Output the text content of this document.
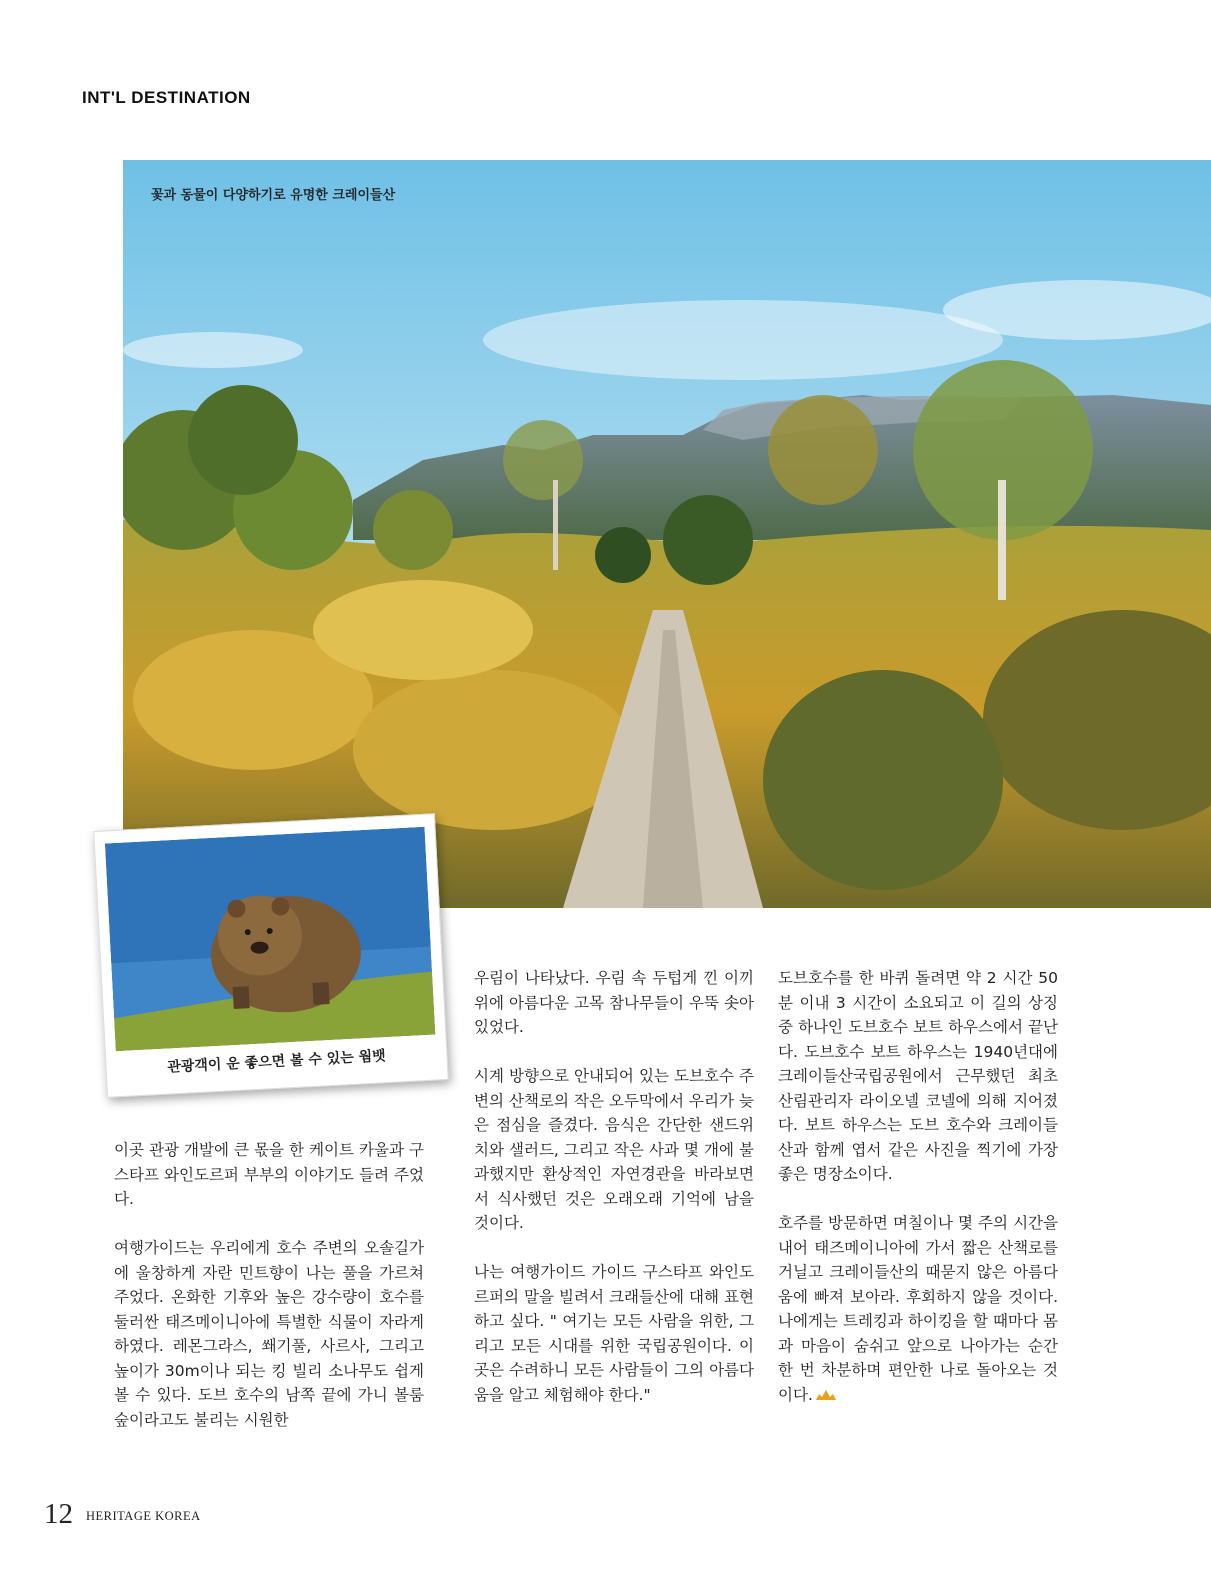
INT'L DESTINATION
꽃과 동물이 다양하기로 유명한 크레이들산
관광객이 운 좋으면 볼 수 있는 웜뱃

이곳 관광 개발에 큰 몫을 한 케이트 카울과 구스타프 와인도르퍼 부부의 이야기도 들려 주었다.

여행가이드는 우리에게 호수 주변의 오솔길가에 울창하게 자란 민트향이 나는 풀을 가르쳐 주었다. 온화한 기후와 높은 강수량이 호수를 둘러싼 태즈메이니아에 특별한 식물이 자라게 하였다. 레몬그라스, 쐐기풀, 사르사, 그리고 높이가 30m이나 되는 킹 빌리 소나무도 쉽게 볼 수 있다. 도브 호수의 남쪽 끝에 가니 볼룸 숲이라고도 불리는 시원한

우림이 나타났다. 우림 속 두텁게 낀 이끼 위에 아름다운 고목 참나무들이 우뚝 솟아 있었다.

시계 방향으로 안내되어 있는 도브호수 주변의 산책로의 작은 오두막에서 우리가 늦은 점심을 즐겼다. 음식은 간단한 샌드위치와 샐러드, 그리고 작은 사과 몇 개에 불과했지만 환상적인 자연경관을 바라보면서 식사했던 것은 오래오래 기억에 남을 것이다.

나는 여행가이드 가이드 구스타프 와인도르퍼의 말을 빌려서 크래들산에 대해 표현하고 싶다. " 여기는 모든 사람을 위한, 그리고 모든 시대를 위한 국립공원이다. 이곳은 수려하니 모든 사람들이 그의 아름다움을 알고 체험해야 한다."

도브호수를 한 바퀴 돌려면 약 2 시간 50분 이내 3 시간이 소요되고 이 길의 상징 중 하나인 도브호수 보트 하우스에서 끝난다. 도브호수 보트 하우스는 1940년대에 크레이들산국립공원에서 근무했던 최초 산림관리자 라이오넬 코넬에 의해 지어졌다. 보트 하우스는 도브 호수와 크레이들산과 함께 엽서 같은 사진을 찍기에 가장 좋은 명장소이다.

호주를 방문하면 며칠이나 몇 주의 시간을 내어 태즈메이니아에 가서 짧은 산책로를 거닐고 크레이들산의 때묻지 않은 아름다움에 빠져 보아라. 후회하지 않을 것이다. 나에게는 트레킹과 하이킹을 할 때마다 몸과 마음이 숨쉬고 앞으로 나아가는 순간 한 번 차분하며 편안한 나로 돌아오는 것이다.

12 HERITAGE KOREA
